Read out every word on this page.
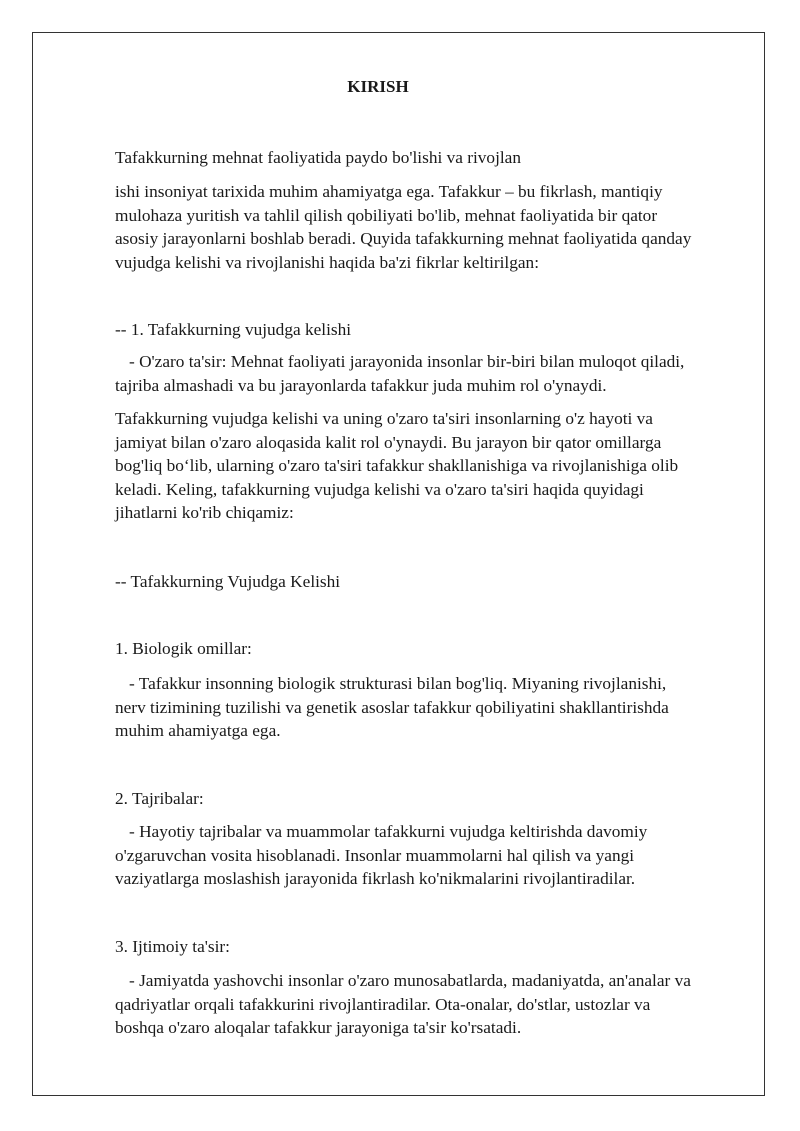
KIRISH

Tafakkurning mehnat faoliyatida paydo bo'lishi va rivojlan

ishi insoniyat tarixida muhim ahamiyatga ega. Tafakkur – bu fikrlash, mantiqiy
mulohaza yuritish va tahlil qilish qobiliyati bo'lib, mehnat faoliyatida bir qator
asosiy jarayonlarni boshlab beradi. Quyida tafakkurning mehnat faoliyatida qanday
vujudga kelishi va rivojlanishi haqida ba'zi fikrlar keltirilgan:

-- 1. Tafakkurning vujudga kelishi

- O'zaro ta'sir: Mehnat faoliyati jarayonida insonlar bir-biri bilan muloqot qiladi,
tajriba almashadi va bu jarayonlarda tafakkur juda muhim rol o'ynaydi.

Tafakkurning vujudga kelishi va uning o'zaro ta'siri insonlarning o'z hayoti va
jamiyat bilan o'zaro aloqasida kalit rol o'ynaydi. Bu jarayon bir qator omillarga
bog'liq bo‘lib, ularning o'zaro ta'siri tafakkur shakllanishiga va rivojlanishiga olib
keladi. Keling, tafakkurning vujudga kelishi va o'zaro ta'siri haqida quyidagi
jihatlarni ko'rib chiqamiz:

-- Tafakkurning Vujudga Kelishi

1. Biologik omillar:

- Tafakkur insonning biologik strukturasi bilan bog'liq. Miyaning rivojlanishi,
nerv tizimining tuzilishi va genetik asoslar tafakkur qobiliyatini shakllantirishda
muhim ahamiyatga ega.

2. Tajribalar:

- Hayotiy tajribalar va muammolar tafakkurni vujudga keltirishda davomiy
o'zgaruvchan vosita hisoblanadi. Insonlar muammolarni hal qilish va yangi
vaziyatlarga moslashish jarayonida fikrlash ko'nikmalarini rivojlantiradilar.

3. Ijtimoiy ta'sir:

- Jamiyatda yashovchi insonlar o'zaro munosabatlarda, madaniyatda, an'analar va
qadriyatlar orqali tafakkurini rivojlantiradilar. Ota-onalar, do'stlar, ustozlar va
boshqa o'zaro aloqalar tafakkur jarayoniga ta'sir ko'rsatadi.
